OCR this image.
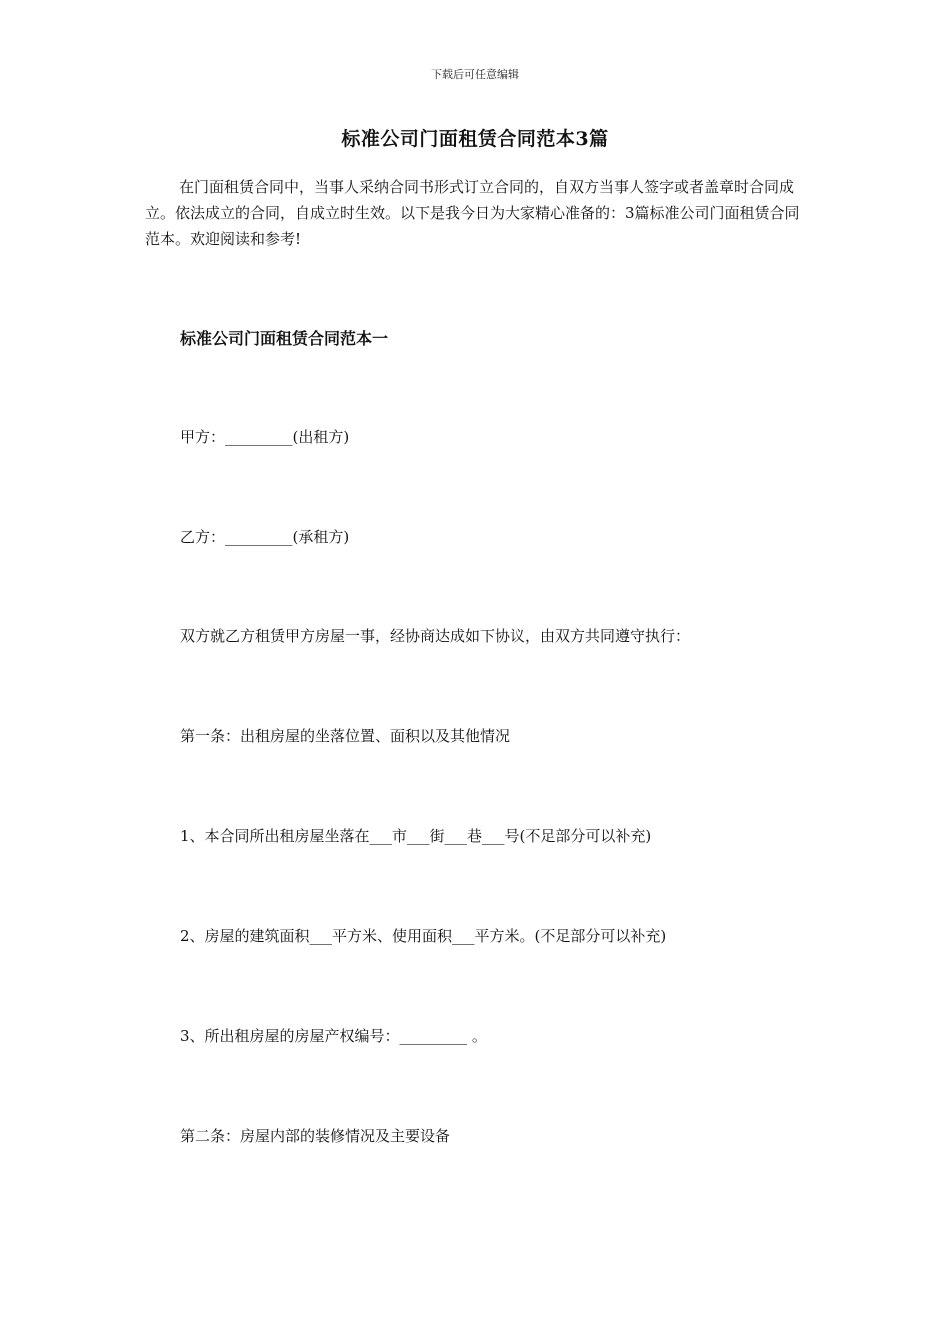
下载后可任意编辑
标准公司门面租赁合同范本3篇

在门面租赁合同中，当事人采纳合同书形式订立合同的，自双方当事人签字或者盖章时合同成立。依法成立的合同，自成立时生效。以下是我今日为大家精心准备的：3篇标准公司门面租赁合同范本。欢迎阅读和参考!

标准公司门面租赁合同范本一

甲方：_________(出租方)

乙方：_________(承租方)

双方就乙方租赁甲方房屋一事，经协商达成如下协议，由双方共同遵守执行：

第一条：出租房屋的坐落位置、面积以及其他情况

1、本合同所出租房屋坐落在___市___街___巷___号(不足部分可以补充)

2、房屋的建筑面积___平方米、使用面积___平方米。(不足部分可以补充)

3、所出租房屋的房屋产权编号：_________ 。

第二条：房屋内部的装修情况及主要设备
